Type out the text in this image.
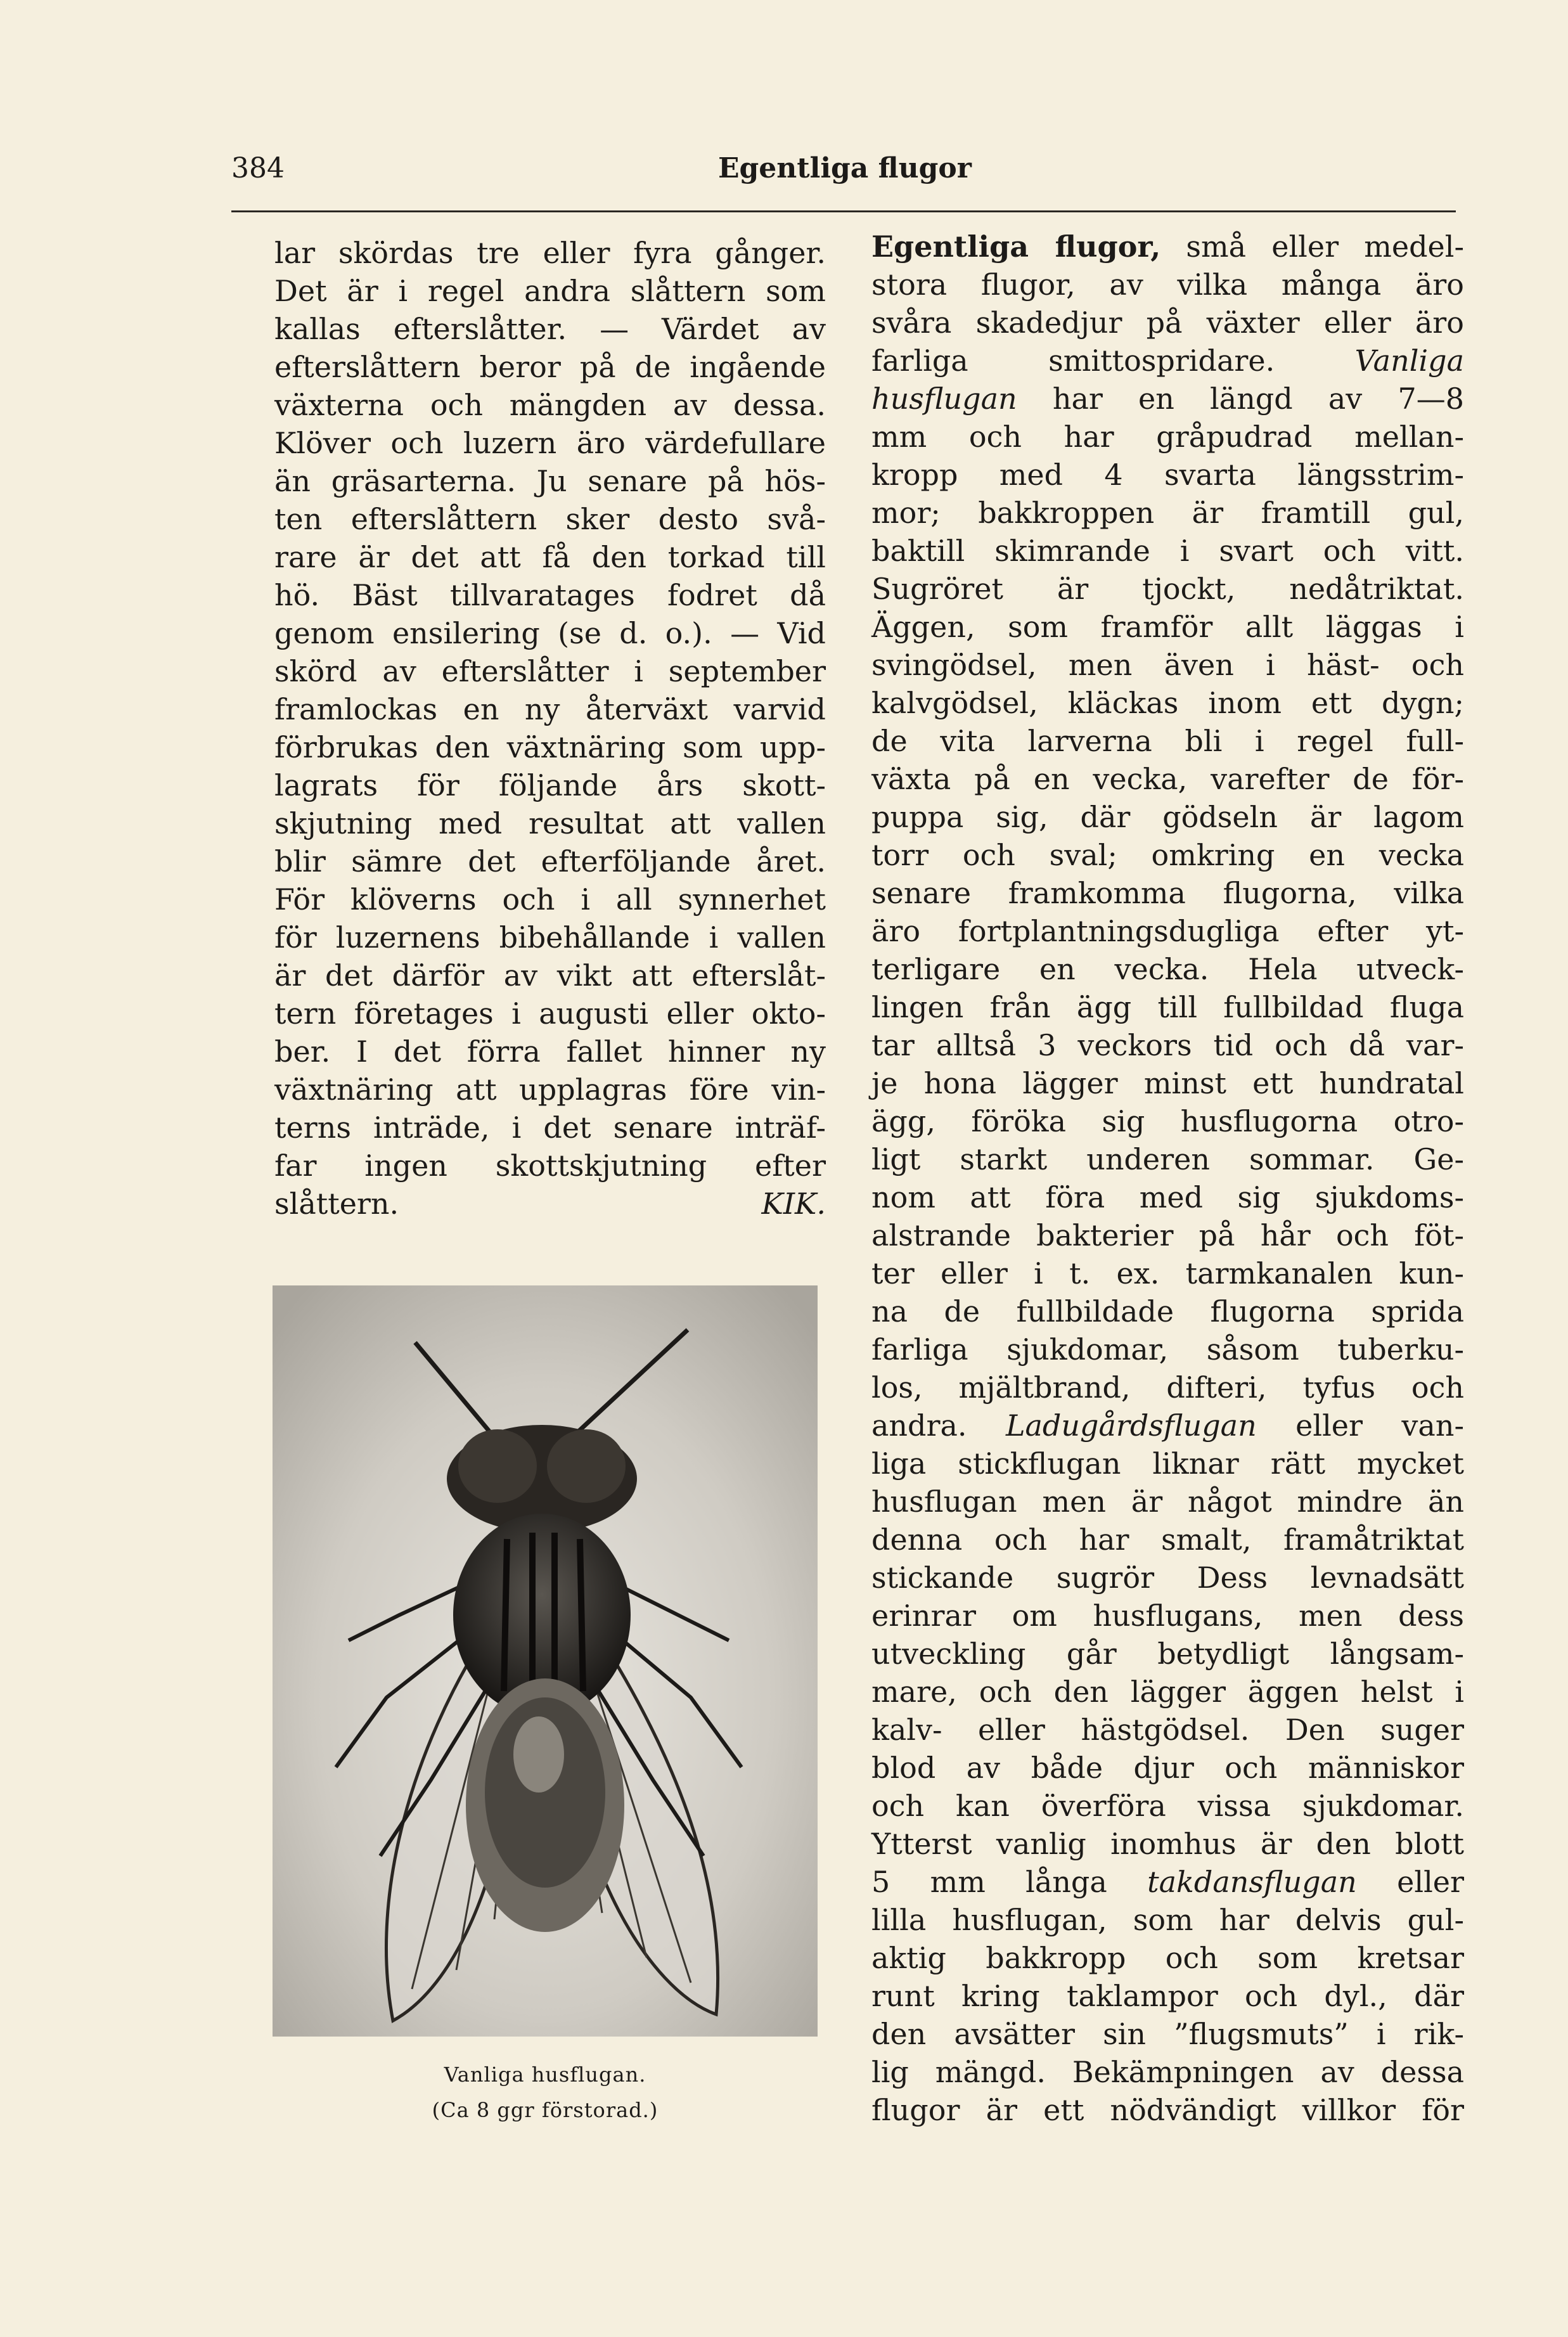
384	Egentliga flugor

lar skördas tre eller fyra gånger.

Det är i regel andra slåttern som

kallas efterslåtter. — Värdet av

efterslåttern beror på de ingående

växterna och mängden av dessa.

Klöver och luzern äro värdefullare

än gräsarterna. Ju senare på hös-

ten efterslåttern sker desto svå-

rare är det att få den torkad till

hö. Bäst tillvaratages fodret då

genom ensilering (se d. o.). — Vid

skörd av efterslåtter i september

framlockas en ny återväxt varvid

förbrukas den växtnäring som upp-

lagrats för följande års skott-

skjutning med resultat att vallen

blir sämre det efterföljande året.

För klöverns och i all synnerhet

för luzernens bibehållande i vallen

är det därför av vikt att efterslåt-

tern företages i augusti eller okto-

ber. I det förra fallet hinner ny

växtnäring att upplagras före vin-

terns inträde, i det senare inträf-

far ingen skottskjutning efter

slåttern.	KIK.

Vanliga husflugan.
(Ca 8 ggr förstorad.)

Egentliga flugor, små eller medel-

stora flugor, av vilka många äro

svåra skadedjur på växter eller äro

farliga smittospridare. Vanliga

husflugan har en längd av 7—8

mm och har gråpudrad mellan-

kropp med 4 svarta längsstrim-

mor; bakkroppen är framtill gul,

baktill skimrande i svart och vitt.

Sugröret är tjockt, nedåtriktat.

Äggen, som framför allt läggas i

svingödsel, men även i häst- och

kalvgödsel, kläckas inom ett dygn;

de vita larverna bli i regel full-

växta på en vecka, varefter de för-

puppa sig, där gödseln är lagom

torr och sval; omkring en vecka

senare framkomma flugorna, vilka

äro fortplantningsdugliga efter yt-

terligare en vecka. Hela utveck-

lingen från ägg till fullbildad fluga

tar alltså 3 veckors tid och då var-

je hona lägger minst ett hundratal

ägg, föröka sig husflugorna otro-

ligt starkt underen sommar. Ge-

nom att föra med sig sjukdoms-

alstrande bakterier på hår och föt-

ter eller i t. ex. tarmkanalen kun-

na de fullbildade flugorna sprida

farliga sjukdomar, såsom tuberku-

los, mjältbrand, difteri, tyfus och

andra. Ladugårdsflugan eller van-

liga stickflugan liknar rätt mycket

husflugan men är något mindre än

denna och har smalt, framåtriktat

stickande sugrör Dess levnadsätt

erinrar om husflugans, men dess

utveckling går betydligt långsam-

mare, och den lägger äggen helst i

kalv- eller hästgödsel. Den suger

blod av både djur och människor

och kan överföra vissa sjukdomar.

Ytterst vanlig inomhus är den blott

5 mm långa takdansflugan eller

lilla husflugan, som har delvis gul-

aktig bakkropp och som kretsar

runt kring taklampor och dyl., där

den avsätter sin ”flugsmuts” i rik-

lig mängd. Bekämpningen av dessa

flugor är ett nödvändigt villkor för
